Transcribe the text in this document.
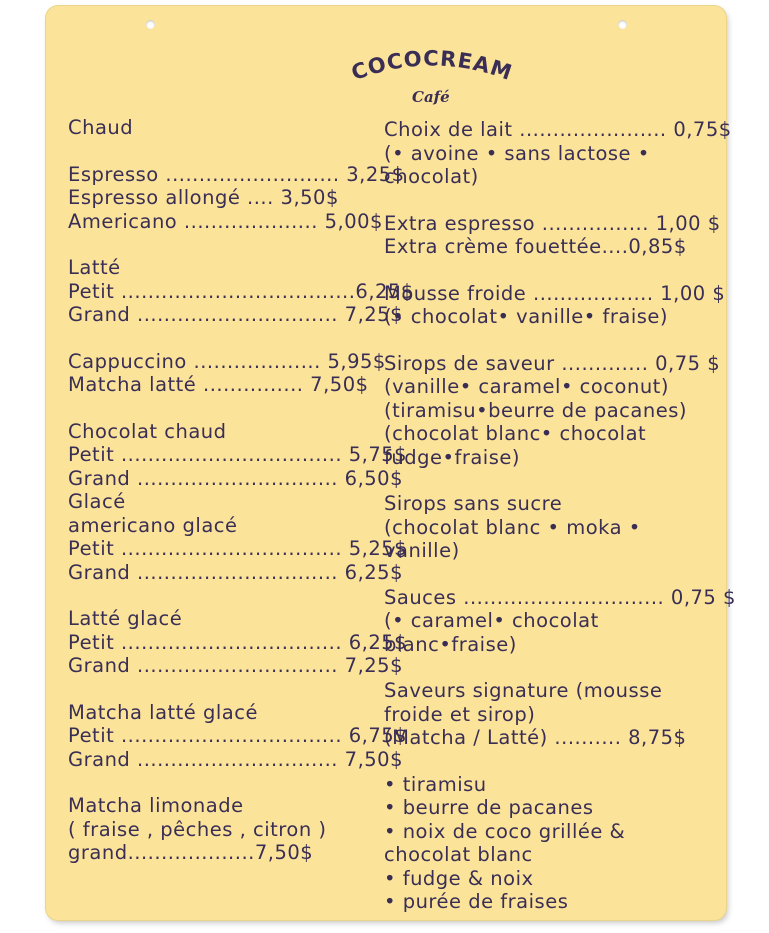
COCOCREAM
Café
Chaud
Espresso .......................... 3,25$
Espresso allongé .... 3,50$
Americano .................... 5,00$
Latté
Petit ...................................6,25$
Grand .............................. 7,25$
Cappuccino ................... 5,95$
Matcha latté ............... 7,50$
Chocolat chaud
Petit ................................. 5,75$
Grand .............................. 6,50$
Glacé
americano glacé
Petit ................................. 5,25$
Grand .............................. 6,25$
Latté glacé
Petit ................................. 6,25$
Grand .............................. 7,25$
Matcha latté glacé
Petit ................................. 6,75$
Grand .............................. 7,50$
Matcha limonade
( fraise , pêches , citron )
grand...................7,50$
Choix de lait ...................... 0,75$
(• avoine • sans lactose •
chocolat)
Extra espresso ................ 1,00 $
Extra crème fouettée....0,85$
Mousse froide .................. 1,00 $
(• chocolat• vanille• fraise)
Sirops de saveur ............. 0,75 $
(vanille• caramel• coconut)
(tiramisu•beurre de pacanes)
(chocolat blanc• chocolat
fudge•fraise)
Sirops sans sucre
(chocolat blanc • moka •
vanille)
Sauces .............................. 0,75 $
(• caramel• chocolat
blanc•fraise)
Saveurs signature (mousse
froide et sirop)
(Matcha / Latté) .......... 8,75$
• tiramisu
• beurre de pacanes
• noix de coco grillée &
chocolat blanc
• fudge & noix
• purée de fraises
